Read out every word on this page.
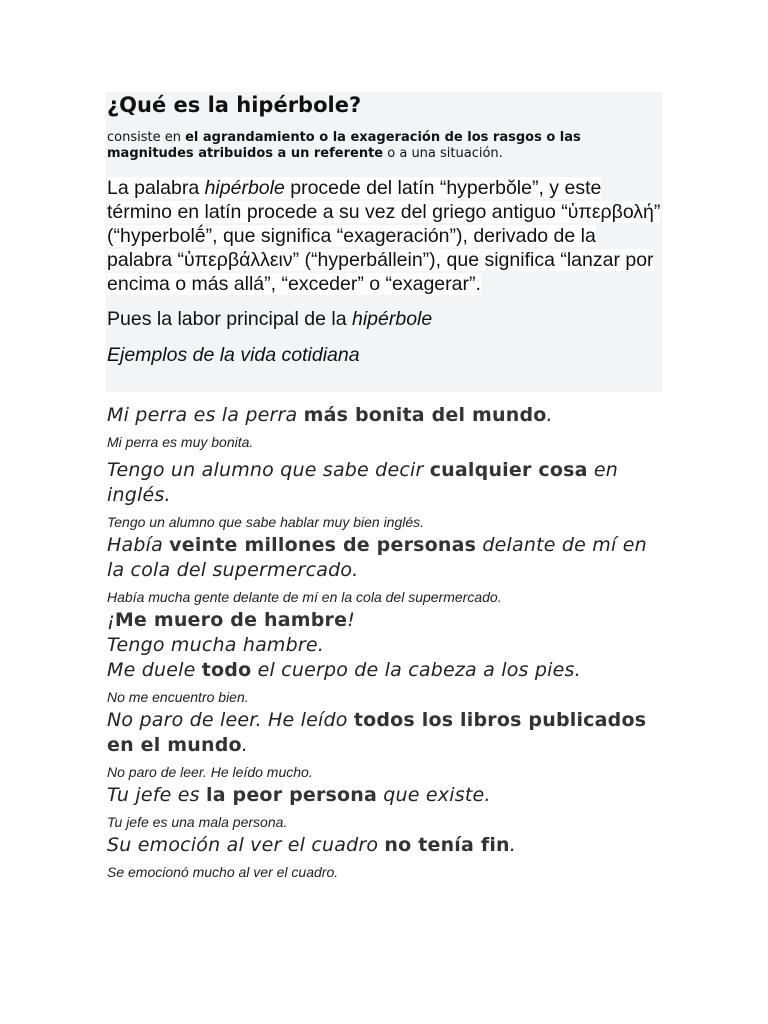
¿Qué es la hipérbole?
consiste en el agrandamiento o la exageración de los rasgos o las magnitudes atribuidos a un referente o a una situación.
La palabra hipérbole procede del latín “hyperbŏle”, y este término en latín procede a su vez del griego antiguo “ὑπερβολή” (“hyperbolḗ”, que significa “exageración”), derivado de la palabra “ὑπερβάλλειν” (“hyperbállein”), que significa “lanzar por encima o más allá”, “exceder” o “exagerar”.
Pues la labor principal de la hipérbole
Ejemplos de la vida cotidiana

Mi perra es la perra más bonita del mundo.

Mi perra es muy bonita.

Tengo un alumno que sabe decir cualquier cosa en inglés.

Tengo un alumno que sabe hablar muy bien inglés.

Había veinte millones de personas delante de mí en la cola del supermercado.

Había mucha gente delante de mí en la cola del supermercado.

¡Me muero de hambre!

Tengo mucha hambre.

Me duele todo el cuerpo de la cabeza a los pies.

No me encuentro bien.

No paro de leer. He leído todos los libros publicados en el mundo.

No paro de leer. He leído mucho.

Tu jefe es la peor persona que existe.

Tu jefe es una mala persona.

Su emoción al ver el cuadro no tenía fin.

Se emocionó mucho al ver el cuadro.
